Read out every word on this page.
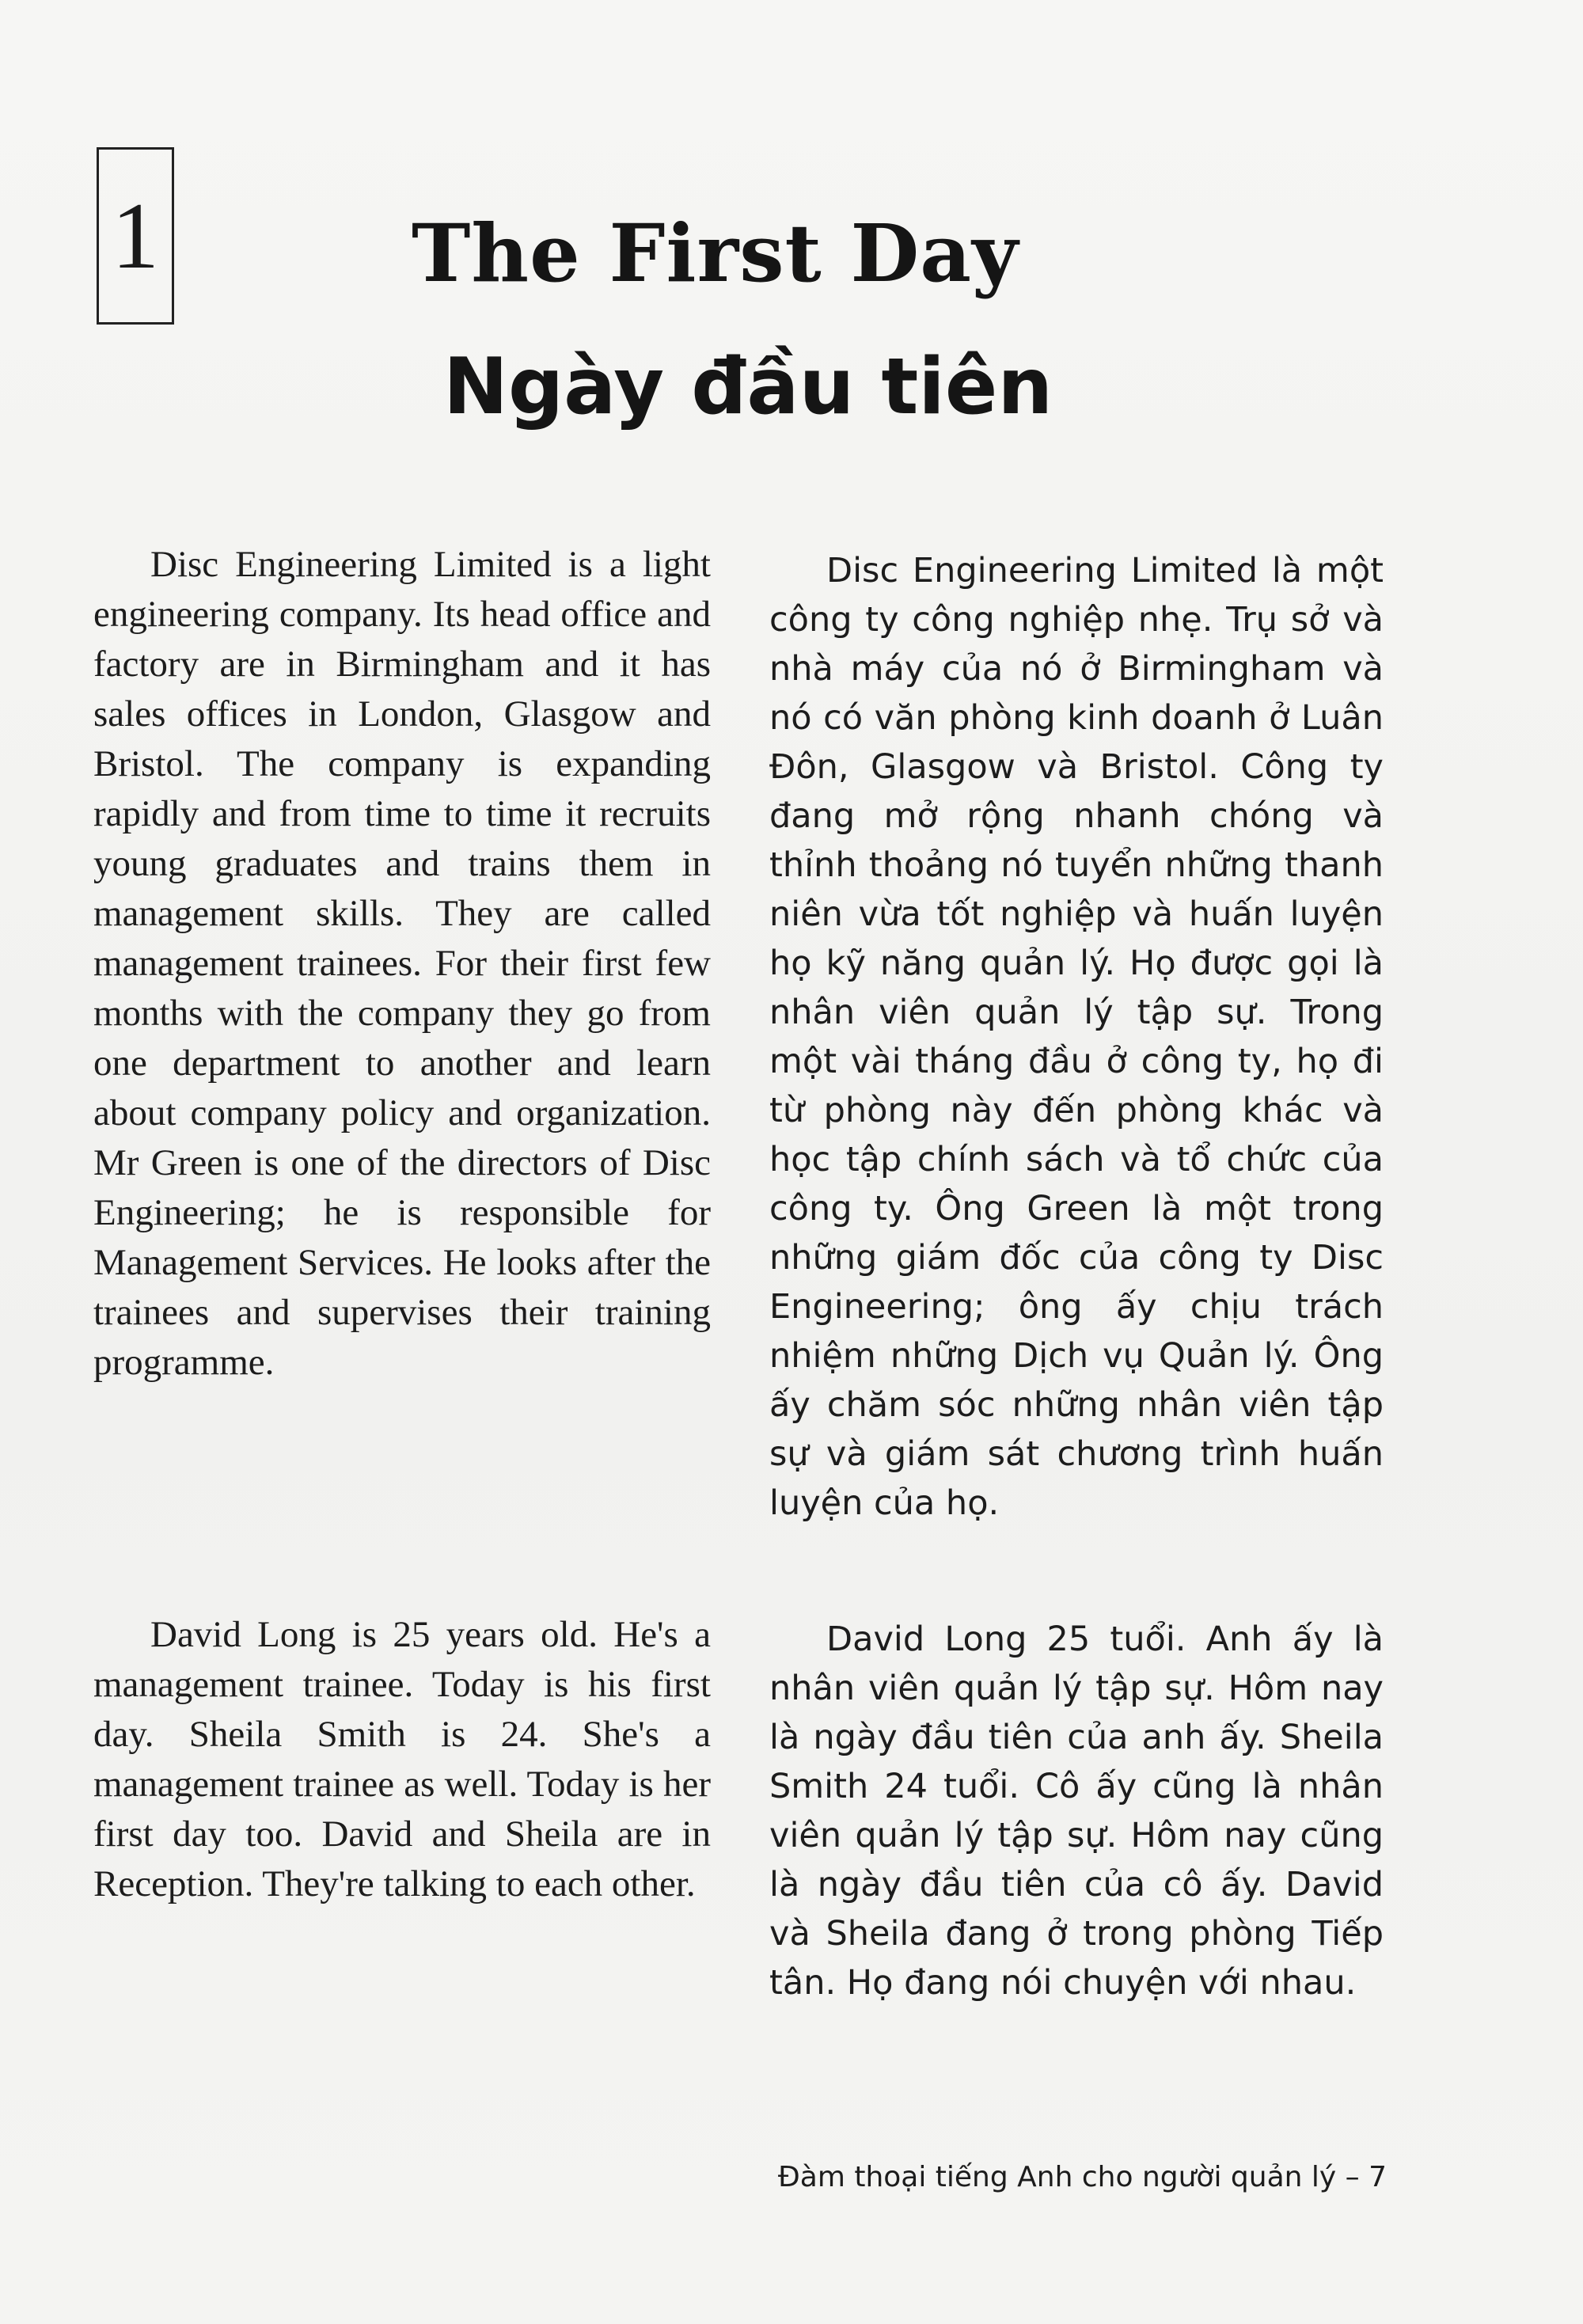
1	The First Day
Ngày đầu tiên

Disc Engineering Limited is a light engineering company. Its head office and factory are in Birmingham and it has sales offices in London, Glasgow and Bristol. The company is expanding rapidly and from time to time it recruits young graduates and trains them in management skills. They are called management trainees. For their first few months with the company they go from one department to another and learn about company policy and organization. Mr Green is one of the directors of Disc Engineering; he is responsible for Management Services. He looks after the trainees and supervises their training programme.

Disc Engineering Limited là một công ty công nghiệp nhẹ. Trụ sở và nhà máy của nó ở Birmingham và nó có văn phòng kinh doanh ở Luân Đôn, Glasgow và Bristol. Công ty đang mở rộng nhanh chóng và thỉnh thoảng nó tuyển những thanh niên vừa tốt nghiệp và huấn luyện họ kỹ năng quản lý. Họ được gọi là nhân viên quản lý tập sự. Trong một vài tháng đầu ở công ty, họ đi từ phòng này đến phòng khác và học tập chính sách và tổ chức của công ty. Ông Green là một trong những giám đốc của công ty Disc Engineering; ông ấy chịu trách nhiệm những Dịch vụ Quản lý. Ông ấy chăm sóc những nhân viên tập sự và giám sát chương trình huấn luyện của họ.

David Long is 25 years old. He's a management trainee. Today is his first day. Sheila Smith is 24. She's a management trainee as well. Today is her first day too. David and Sheila are in Reception. They're talking to each other.

David Long 25 tuổi. Anh ấy là nhân viên quản lý tập sự. Hôm nay là ngày đầu tiên của anh ấy. Sheila Smith 24 tuổi. Cô ấy cũng là nhân viên quản lý tập sự. Hôm nay cũng là ngày đầu tiên của cô ấy. David và Sheila đang ở trong phòng Tiếp tân. Họ đang nói chuyện với nhau.

Đàm thoại tiếng Anh cho người quản lý – 7
